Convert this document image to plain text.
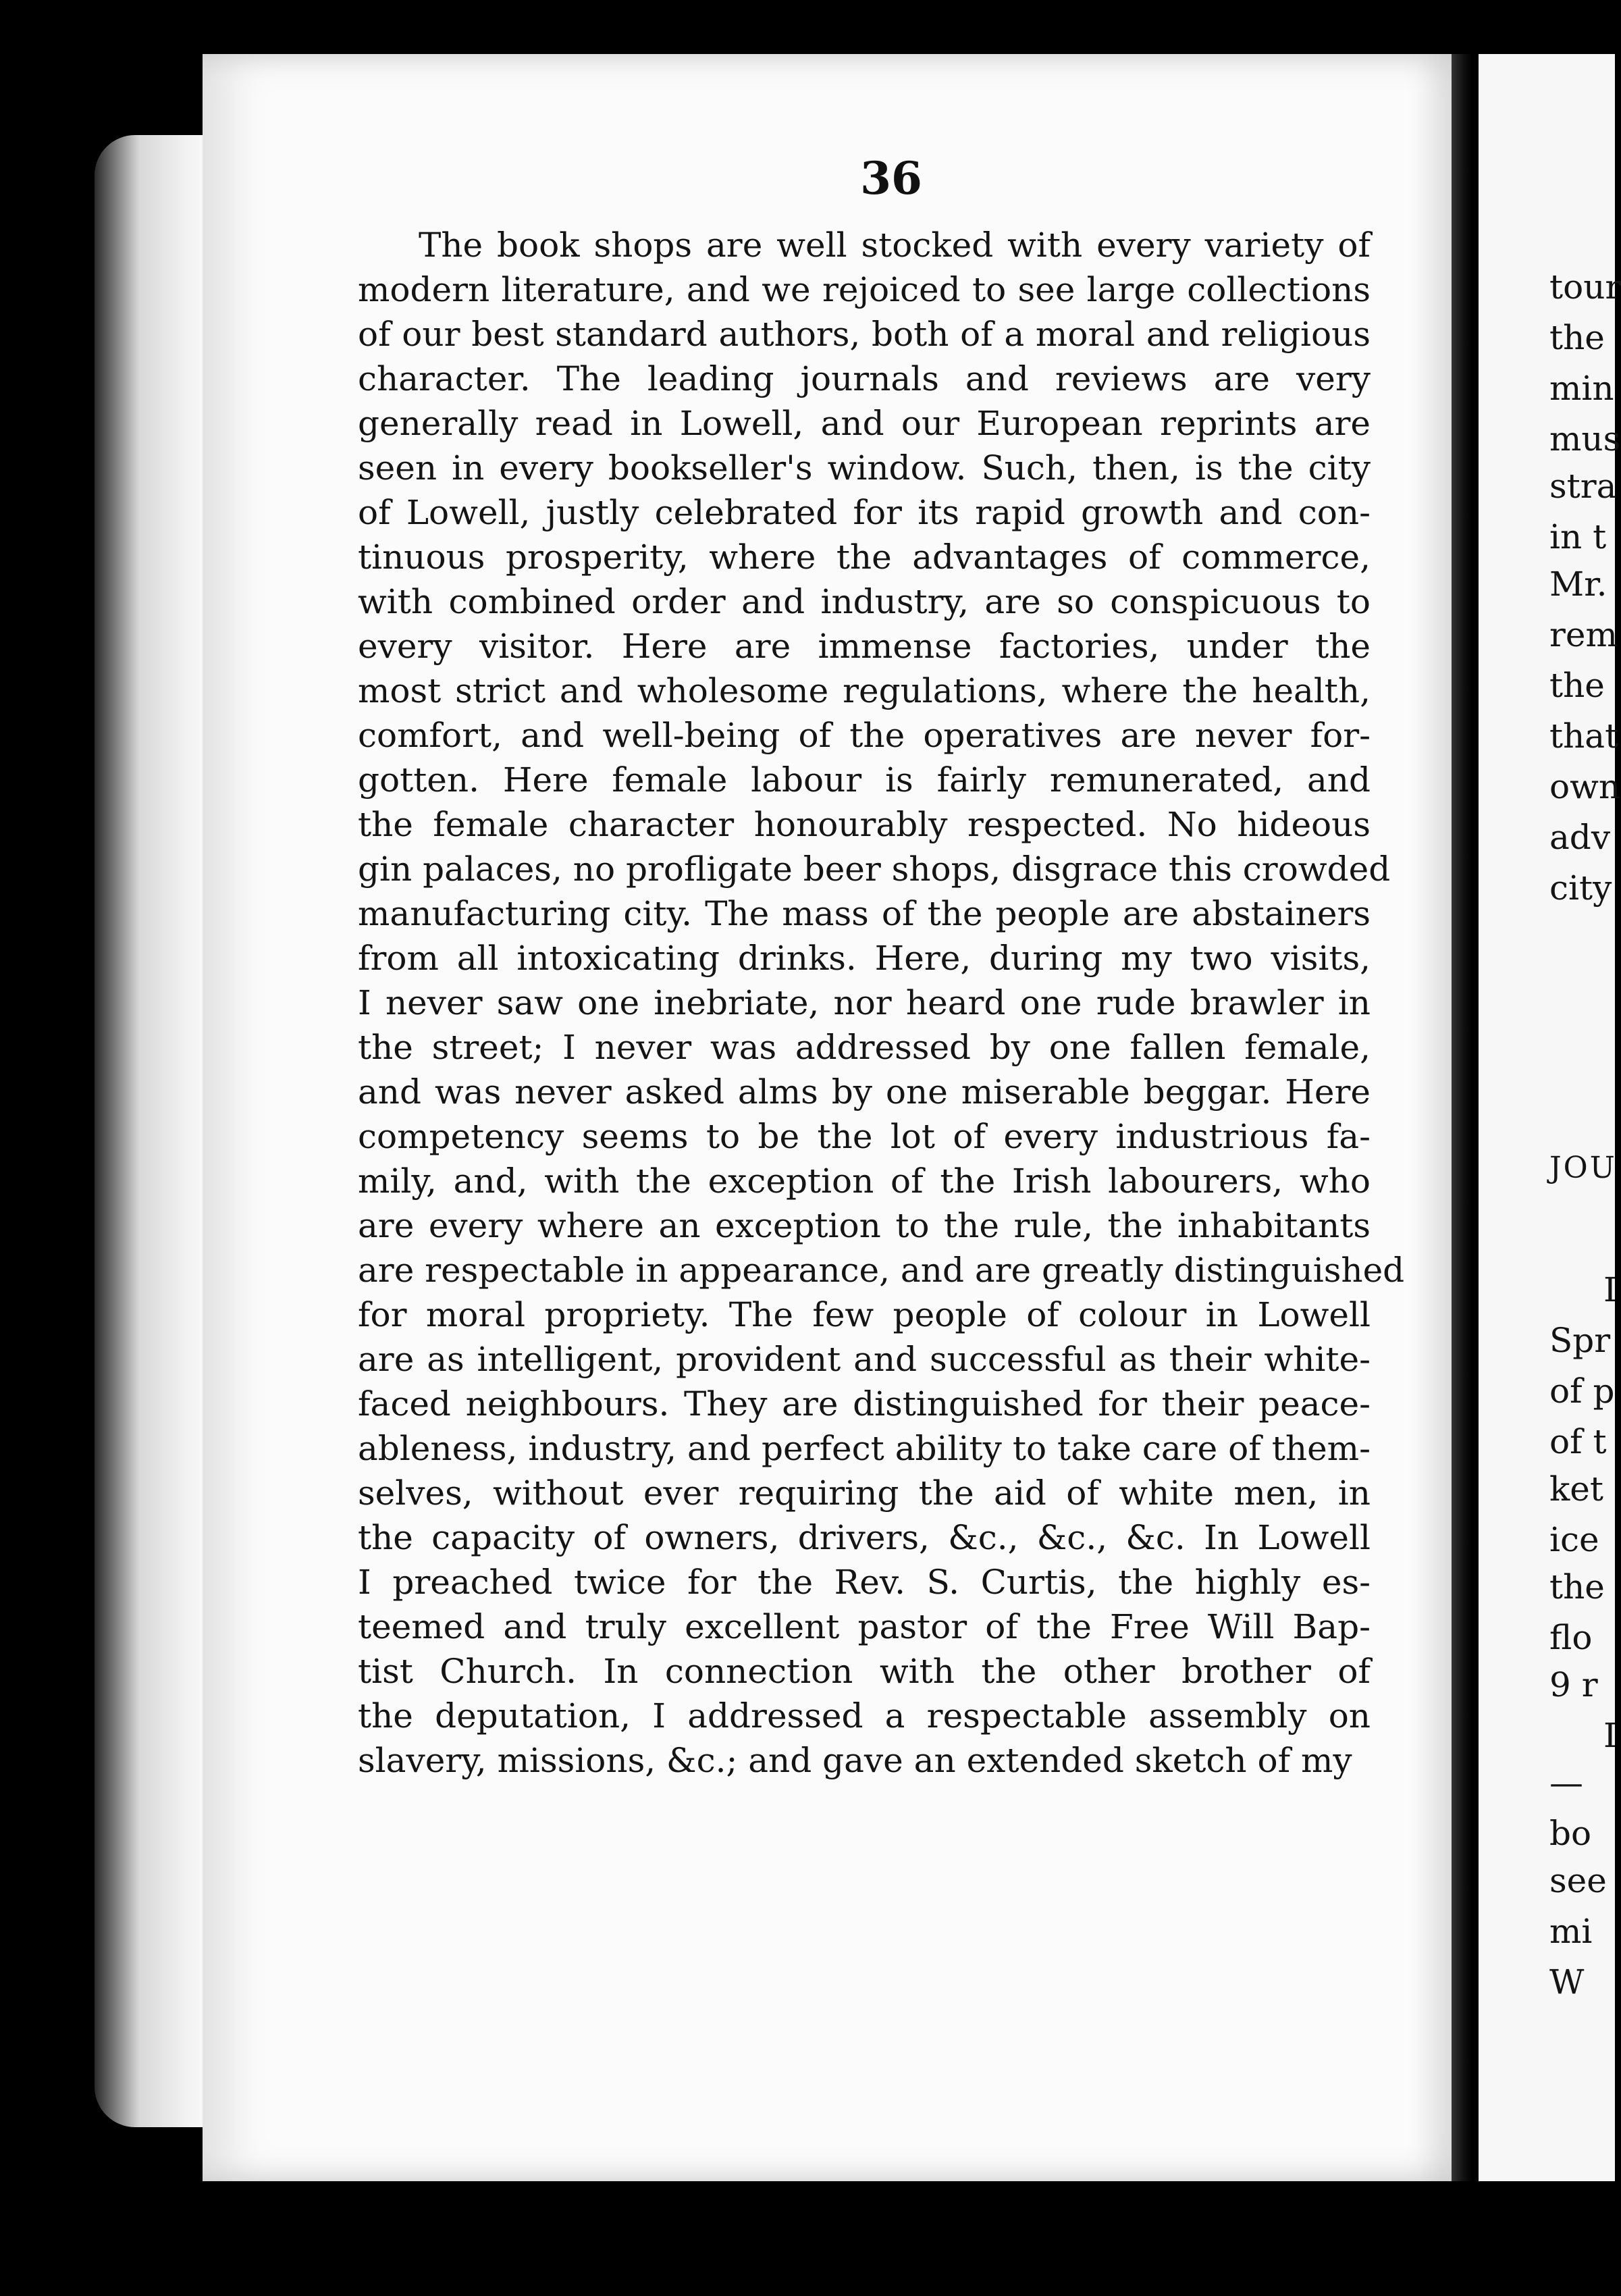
36
The book shops are well stocked with every variety of
modern literature, and we rejoiced to see large collections
of our best standard authors, both of a moral and religious
character. The leading journals and reviews are very
generally read in Lowell, and our European reprints are
seen in every bookseller's window. Such, then, is the city
of Lowell, justly celebrated for its rapid growth and con-
tinuous prosperity, where the advantages of commerce,
with combined order and industry, are so conspicuous to
every visitor. Here are immense factories, under the
most strict and wholesome regulations, where the health,
comfort, and well-being of the operatives are never for-
gotten. Here female labour is fairly remunerated, and
the female character honourably respected. No hideous
gin palaces, no profligate beer shops, disgrace this crowded
manufacturing city. The mass of the people are abstainers
from all intoxicating drinks. Here, during my two visits,
I never saw one inebriate, nor heard one rude brawler in
the street; I never was addressed by one fallen female,
and was never asked alms by one miserable beggar. Here
competency seems to be the lot of every industrious fa-
mily, and, with the exception of the Irish labourers, who
are every where an exception to the rule, the inhabitants
are respectable in appearance, and are greatly distinguished
for moral propriety. The few people of colour in Lowell
are as intelligent, provident and successful as their white-
faced neighbours. They are distinguished for their peace-
ableness, industry, and perfect ability to take care of them-
selves, without ever requiring the aid of white men, in
the capacity of owners, drivers, &c., &c., &c. In Lowell
I preached twice for the Rev. S. Curtis, the highly es-
teemed and truly excellent pastor of the Free Will Bap-
tist Church. In connection with the other brother of
the deputation, I addressed a respectable assembly on
slavery, missions, &c.; and gave an extended sketch of my
tour
the
min
mus
stra
in t
Mr.
rem
the
that
own
adv
city
JOU
I
Spr
of p
of t
ket
ice
the
flo
9 r
I
—
bo
see
mi
W
